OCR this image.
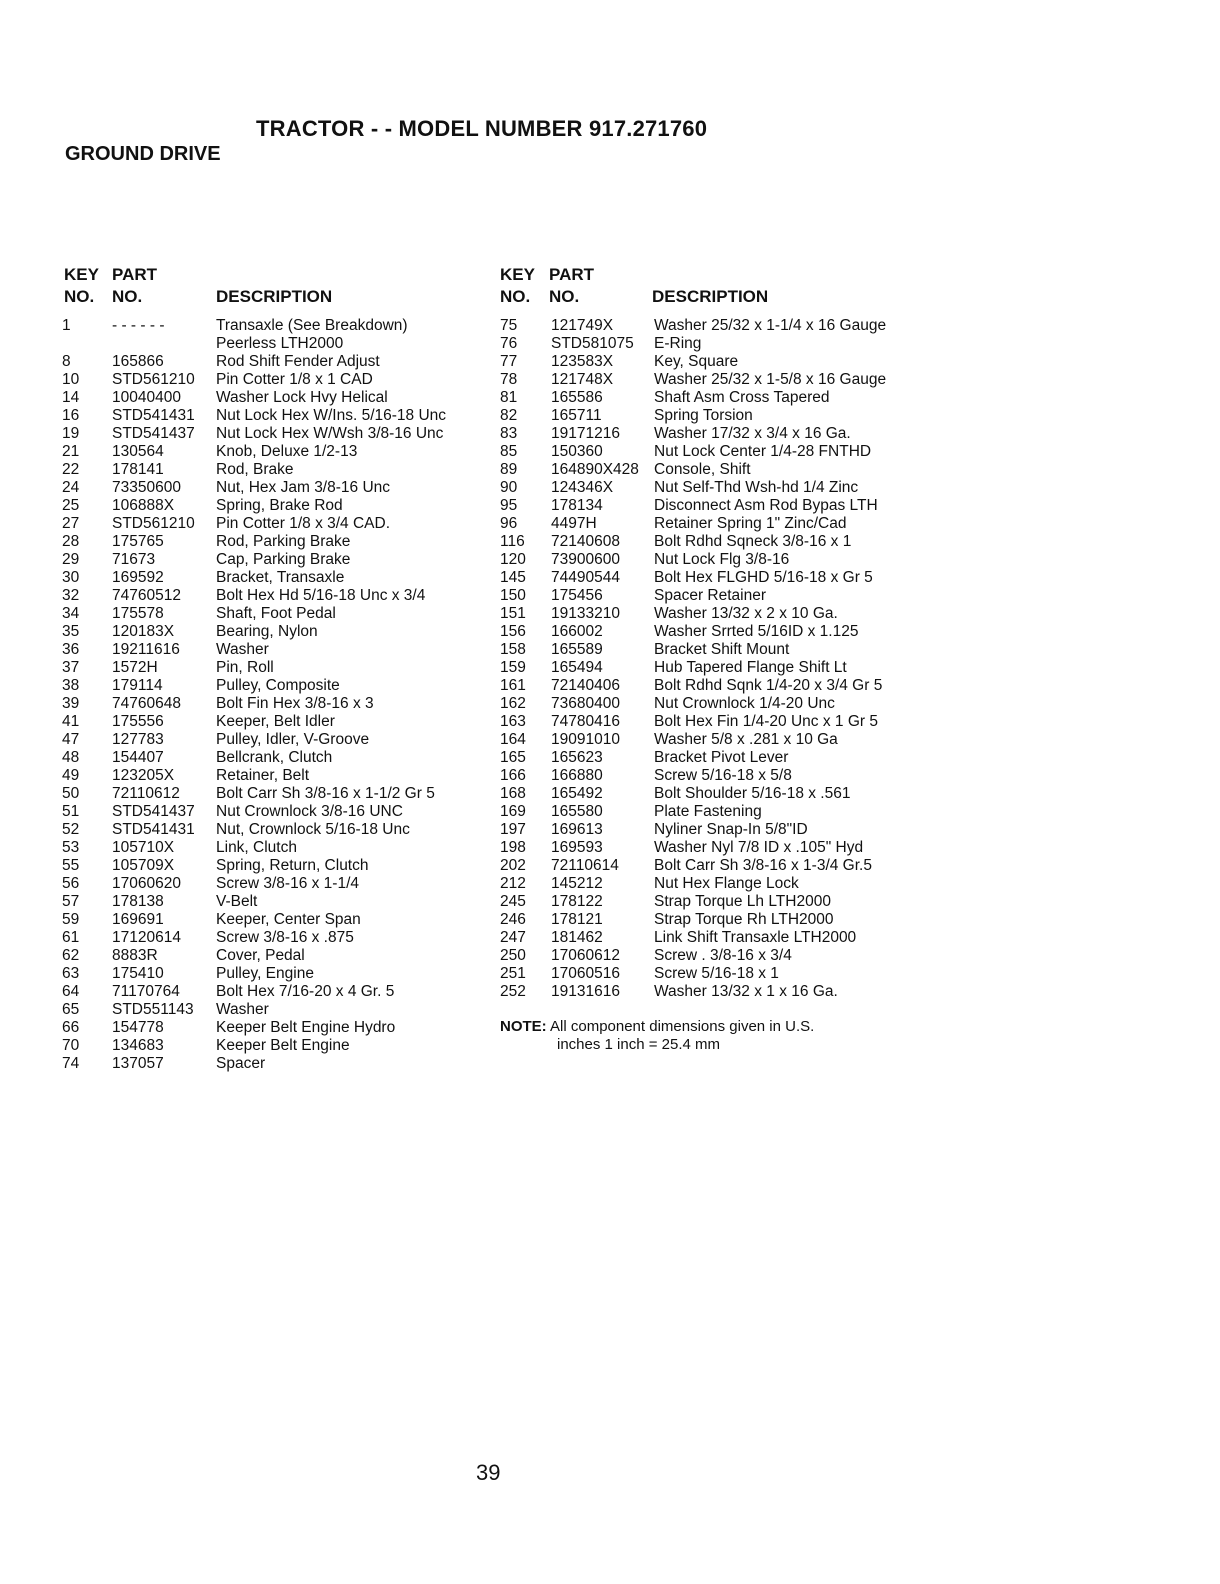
TRACTOR - - MODEL NUMBER 917.271760
GROUND DRIVE
KEY
NO.
PART
NO.	DESCRIPTION
1	- - - - - -	Transaxle (See Breakdown)
Peerless LTH2000
8	165866	Rod Shift Fender Adjust
10 STD561210 Pin Cotter 1/8 x 1 CAD
14 10040400 Washer Lock Hvy Helical
16 STD541431 Nut Lock Hex W/Ins. 5/16-18 Unc
19 STD541437 Nut Lock Hex W/Wsh 3/8-16 Unc
21 130564	Knob, Deluxe 1/2-13
22 178141	Rod, Brake
24 73350600 Nut, Hex Jam 3/8-16 Unc
25 106888X	Spring, Brake Rod
27 STD561210 Pin Cotter 1/8 x 3/4 CAD.
28 175765	Rod, Parking Brake
29 71673	Cap, Parking Brake
30 169592	Bracket, Transaxle
32 74760512 Bolt Hex Hd 5/16-18 Unc x 3/4
34 175578	Shaft, Foot Pedal
35 120183X	Bearing, Nylon
36 19211616 Washer
37 1572H	Pin, Roll
38 179114	Pulley, Composite
39 74760648 Bolt Fin Hex 3/8-16 x 3
41 175556	Keeper, Belt Idler
47 127783	Pulley, Idler, V-Groove
48 154407	Bellcrank, Clutch
49 123205X	Retainer, Belt
50 72110612 Bolt Carr Sh 3/8-16 x 1-1/2 Gr 5
51 STD541437 Nut Crownlock 3/8-16 UNC
52 STD541431 Nut, Crownlock 5/16-18 Unc
53 105710X	Link, Clutch
55 105709X	Spring, Return, Clutch
56 17060620 Screw 3/8-16 x 1-1/4
57 178138	V-Belt
59 169691	Keeper, Center Span
61 17120614 Screw 3/8-16 x .875
62 8883R	Cover, Pedal
63 175410	Pulley, Engine
64 71170764 Bolt Hex 7/16-20 x 4 Gr. 5
65 STD551143 Washer
66 154778	Keeper Belt Engine Hydro
70 134683	Keeper Belt Engine
74 137057	Spacer
KEY
NO.
PART
NO.	DESCRIPTION
75 121749X	Washer 25/32 x 1-1/4 x 16 Gauge
76 STD581075 E-Ring
77 123583X	Key, Square
78 121748X	Washer 25/32 x 1-5/8 x 16 Gauge
81 165586	Shaft Asm Cross Tapered
82 165711	Spring Torsion
83 19171216 Washer 17/32 x 3/4 x 16 Ga.
85 150360	Nut Lock Center 1/4-28 FNTHD
89 164890X428 Console, Shift
90 124346X	Nut Self-Thd Wsh-hd 1/4 Zinc
95 178134	Disconnect Asm Rod Bypas LTH
96 4497H	Retainer Spring 1" Zinc/Cad
116 72140608 Bolt Rdhd Sqneck 3/8-16 x 1
120 73900600 Nut Lock Flg 3/8-16
145 74490544 Bolt Hex FLGHD 5/16-18 x Gr 5
150 175456	Spacer Retainer
151 19133210 Washer 13/32 x 2 x 10 Ga.
156 166002	Washer Srrted 5/16ID x 1.125
158 165589	Bracket Shift Mount
159 165494	Hub Tapered Flange Shift Lt
161 72140406 Bolt Rdhd Sqnk 1/4-20 x 3/4 Gr 5
162 73680400 Nut Crownlock 1/4-20 Unc
163 74780416 Bolt Hex Fin 1/4-20 Unc x 1 Gr 5
164 19091010 Washer 5/8 x .281 x 10 Ga
165 165623	Bracket Pivot Lever
166 166880	Screw 5/16-18 x 5/8
168 165492	Bolt Shoulder 5/16-18 x .561
169 165580	Plate Fastening
197 169613	Nyliner Snap-In 5/8"ID
198 169593	Washer Nyl 7/8 ID x .105" Hyd
202 72110614 Bolt Carr Sh 3/8-16 x 1-3/4 Gr.5
212 145212	Nut Hex Flange Lock
245 178122	Strap Torque Lh LTH2000
246 178121	Strap Torque Rh LTH2000
247 181462	Link Shift Transaxle LTH2000
250 17060612 Screw . 3/8-16 x 3/4
251 17060516 Screw 5/16-18 x 1
252 19131616 Washer 13/32 x 1 x 16 Ga.
NOTE: All component dimensions given in U.S.
inches 1 inch = 25.4 mm
39
